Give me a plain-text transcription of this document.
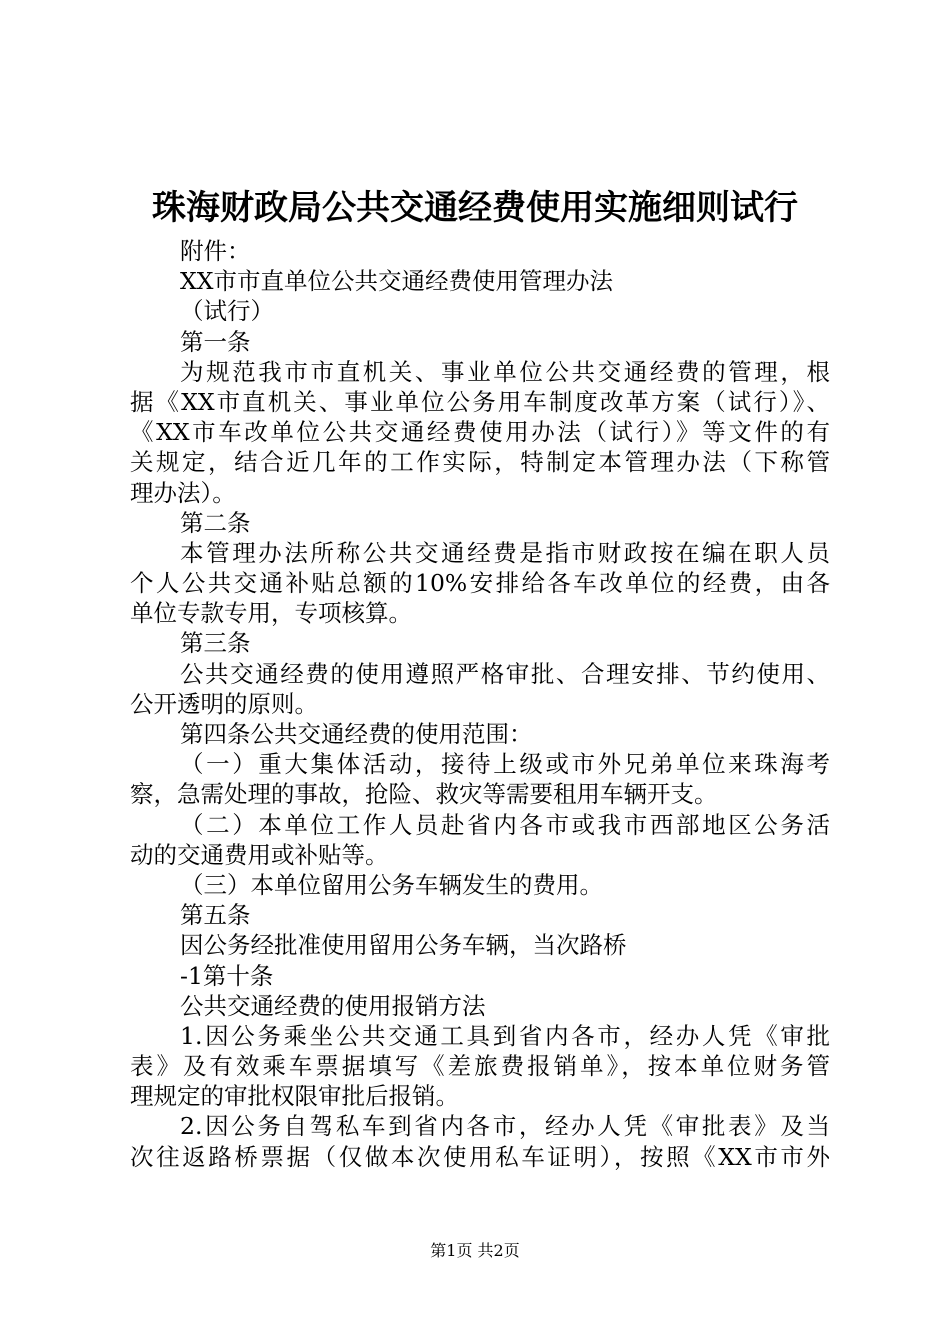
珠海财政局公共交通经费使用实施细则试行
附件：
XX市市直单位公共交通经费使用管理办法
（试行）
第一条
为规范我市市直机关、事业单位公共交通经费的管理，根
据《XX市直机关、事业单位公务用车制度改革方案（试行）》、
《XX市车改单位公共交通经费使用办法（试行）》等文件的有
关规定，结合近几年的工作实际，特制定本管理办法（下称管
理办法）。
第二条
本管理办法所称公共交通经费是指市财政按在编在职人员
个人公共交通补贴总额的10%安排给各车改单位的经费，由各
单位专款专用，专项核算。
第三条
公共交通经费的使用遵照严格审批、合理安排、节约使用、
公开透明的原则。
第四条公共交通经费的使用范围：
（一）重大集体活动，接待上级或市外兄弟单位来珠海考
察，急需处理的事故，抢险、救灾等需要租用车辆开支。
（二）本单位工作人员赴省内各市或我市西部地区公务活
动的交通费用或补贴等。
（三）本单位留用公务车辆发生的费用。
第五条
因公务经批准使用留用公务车辆，当次路桥
-1第十条
公共交通经费的使用报销方法
1.因公务乘坐公共交通工具到省内各市，经办人凭《审批
表》及有效乘车票据填写《差旅费报销单》，按本单位财务管
理规定的审批权限审批后报销。
2.因公务自驾私车到省内各市，经办人凭《审批表》及当
次往返路桥票据（仅做本次使用私车证明），按照《XX市市外
第1页 共2页
